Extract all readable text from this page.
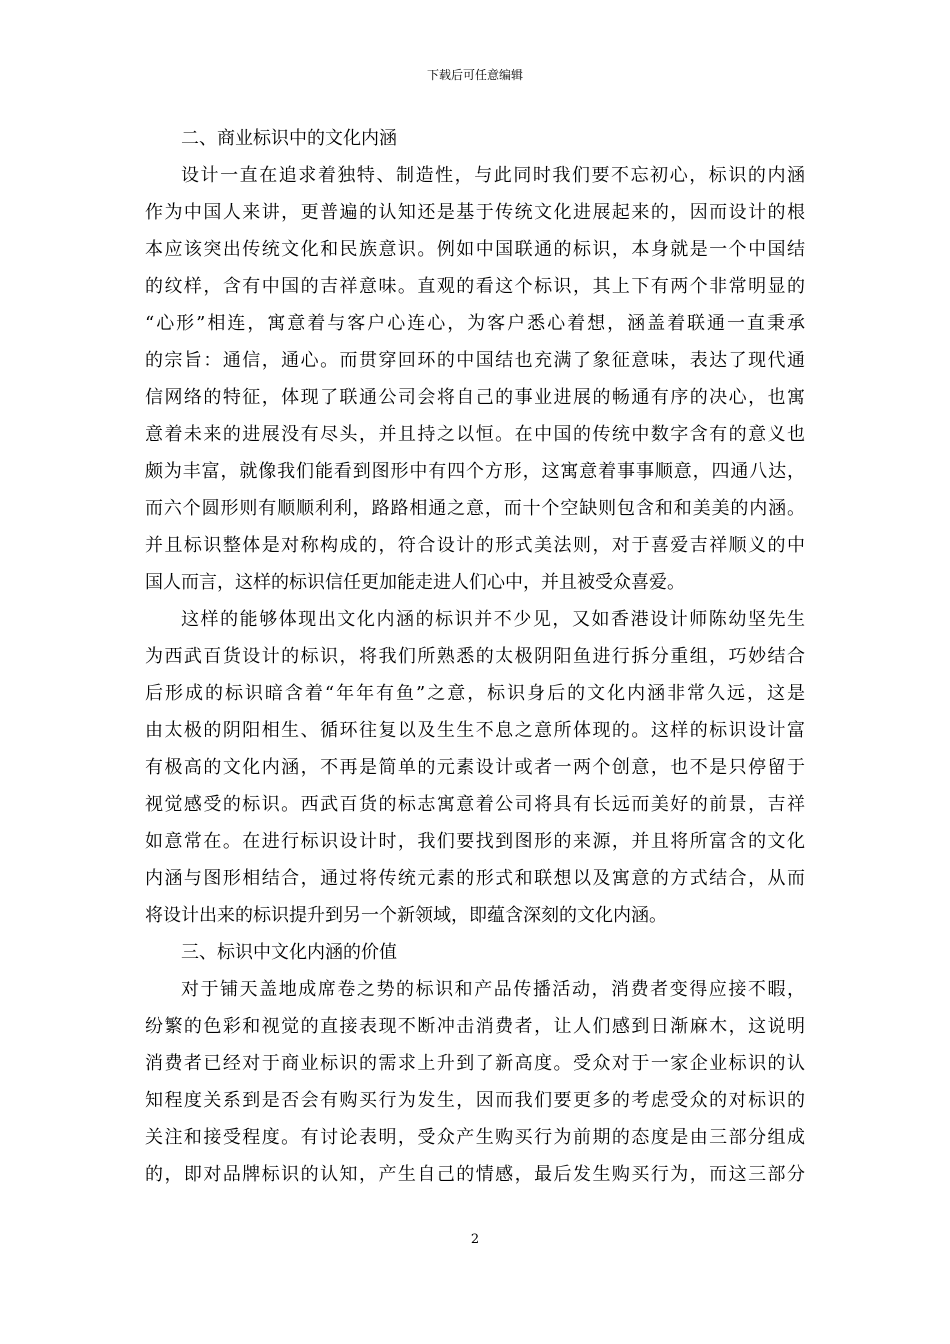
下载后可任意编辑
二、商业标识中的文化内涵
设计一直在追求着独特、制造性，与此同时我们要不忘初心，标识的内涵
作为中国人来讲，更普遍的认知还是基于传统文化进展起来的，因而设计的根
本应该突出传统文化和民族意识。例如中国联通的标识，本身就是一个中国结
的纹样，含有中国的吉祥意味。直观的看这个标识，其上下有两个非常明显的
“心形”相连，寓意着与客户心连心，为客户悉心着想，涵盖着联通一直秉承
的宗旨：通信，通心。而贯穿回环的中国结也充满了象征意味，表达了现代通
信网络的特征，体现了联通公司会将自己的事业进展的畅通有序的决心，也寓
意着未来的进展没有尽头，并且持之以恒。在中国的传统中数字含有的意义也
颇为丰富，就像我们能看到图形中有四个方形，这寓意着事事顺意，四通八达，
而六个圆形则有顺顺利利，路路相通之意，而十个空缺则包含和和美美的内涵。
并且标识整体是对称构成的，符合设计的形式美法则，对于喜爱吉祥顺义的中
国人而言，这样的标识信任更加能走进人们心中，并且被受众喜爱。
这样的能够体现出文化内涵的标识并不少见，又如香港设计师陈幼坚先生
为西武百货设计的标识，将我们所熟悉的太极阴阳鱼进行拆分重组，巧妙结合
后形成的标识暗含着“年年有鱼”之意，标识身后的文化内涵非常久远，这是
由太极的阴阳相生、循环往复以及生生不息之意所体现的。这样的标识设计富
有极高的文化内涵，不再是简单的元素设计或者一两个创意，也不是只停留于
视觉感受的标识。西武百货的标志寓意着公司将具有长远而美好的前景，吉祥
如意常在。在进行标识设计时，我们要找到图形的来源，并且将所富含的文化
内涵与图形相结合，通过将传统元素的形式和联想以及寓意的方式结合，从而
将设计出来的标识提升到另一个新领域，即蕴含深刻的文化内涵。
三、标识中文化内涵的价值
对于铺天盖地成席卷之势的标识和产品传播活动，消费者变得应接不暇，
纷繁的色彩和视觉的直接表现不断冲击消费者，让人们感到日渐麻木，这说明
消费者已经对于商业标识的需求上升到了新高度。受众对于一家企业标识的认
知程度关系到是否会有购买行为发生，因而我们要更多的考虑受众的对标识的
关注和接受程度。有讨论表明，受众产生购买行为前期的态度是由三部分组成
的，即对品牌标识的认知，产生自己的情感，最后发生购买行为，而这三部分
2
